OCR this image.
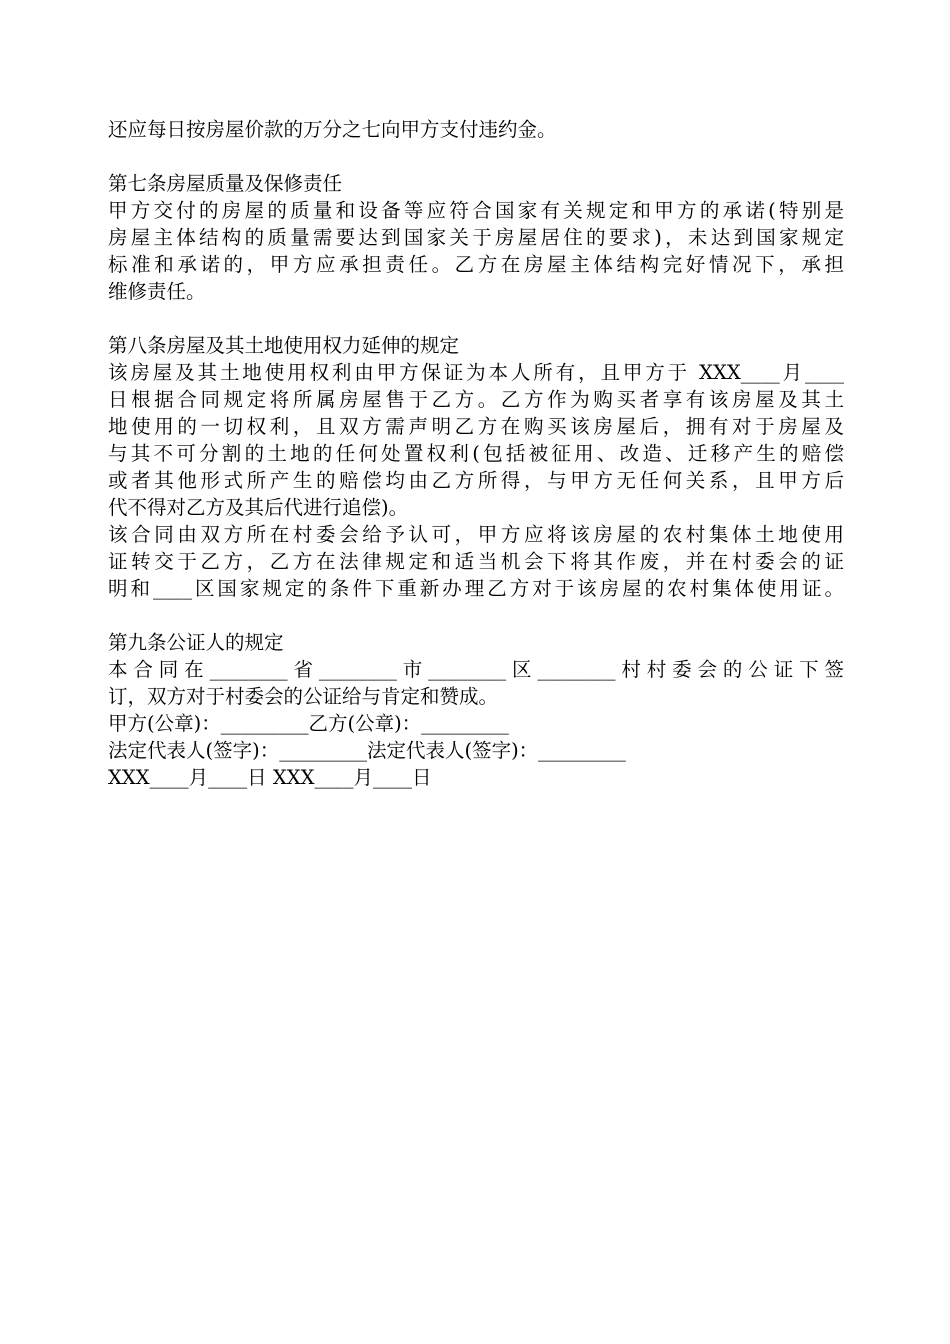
还应每日按房屋价款的万分之七向甲方支付违约金。
第七条房屋质量及保修责任
甲方交付的房屋的质量和设备等应符合国家有关规定和甲方的承诺(特别是
房屋主体结构的质量需要达到国家关于房屋居住的要求)，未达到国家规定
标准和承诺的，甲方应承担责任。乙方在房屋主体结构完好情况下，承担
维修责任。
第八条房屋及其土地使用权力延伸的规定
该房屋及其土地使用权利由甲方保证为本人所有，且甲方于 XXX____月____
日根据合同规定将所属房屋售于乙方。乙方作为购买者享有该房屋及其土
地使用的一切权利，且双方需声明乙方在购买该房屋后，拥有对于房屋及
与其不可分割的土地的任何处置权利(包括被征用、改造、迁移产生的赔偿
或者其他形式所产生的赔偿均由乙方所得，与甲方无任何关系，且甲方后
代不得对乙方及其后代进行追偿)。
该合同由双方所在村委会给予认可，甲方应将该房屋的农村集体土地使用
证转交于乙方，乙方在法律规定和适当机会下将其作废，并在村委会的证
明和____区国家规定的条件下重新办理乙方对于该房屋的农村集体使用证。
第九条公证人的规定
本合同在________省________市________区________村村委会的公证下签
订，双方对于村委会的公证给与肯定和赞成。
甲方(公章)：_________乙方(公章)：_________
法定代表人(签字)：_________法定代表人(签字)：_________
XXX____月____日 XXX____月____日
